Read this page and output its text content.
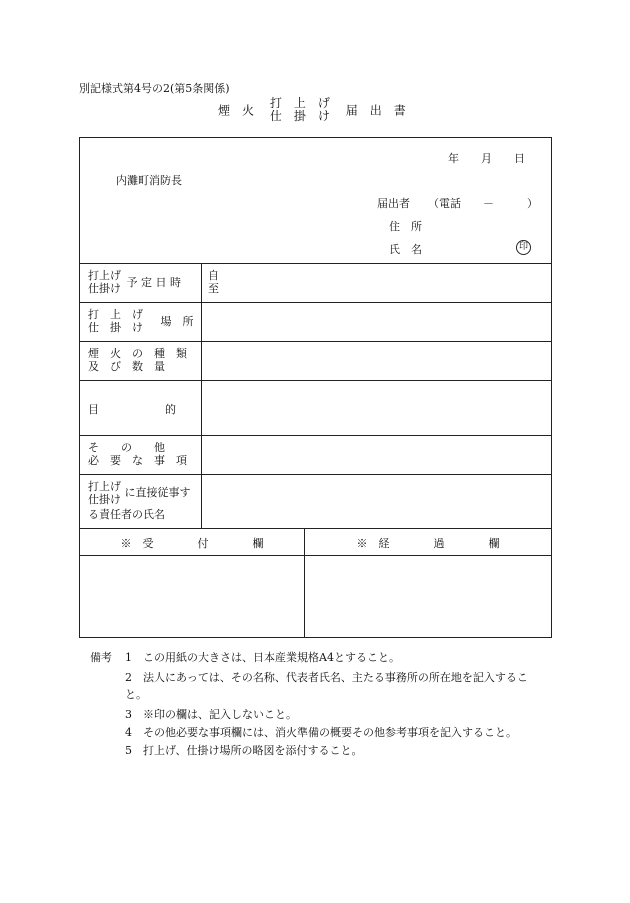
別記様式第4号の2(第5条関係)
煙　火
打　上　げ
仕　掛　け 届　出　書
年　　月　　日
内灘町消防長
届出者 （電話　　－　　　）
住　所
氏　名	印
打上げ
仕掛け 予 定 日 時
自
至
打　上　げ
仕　掛　け 場　所
煙　火　の　種　類
及　び　数　量
目　　　　　　的
そ　　の　　他
必　要　な　事　項
打上げ
仕掛け
に直接従事す
る責任者の氏名
※　受　　　　付　　　　欄	※　経　　　　過　　　　欄
備考 1 この用紙の大きさは、日本産業規格A4とすること。
2 法人にあっては、その名称、代表者氏名、主たる事務所の所在地を記入するこ
と。
3 ※印の欄は、記入しないこと。
4 その他必要な事項欄には、消火準備の概要その他参考事項を記入すること。
5 打上げ、仕掛け場所の略図を添付すること。
